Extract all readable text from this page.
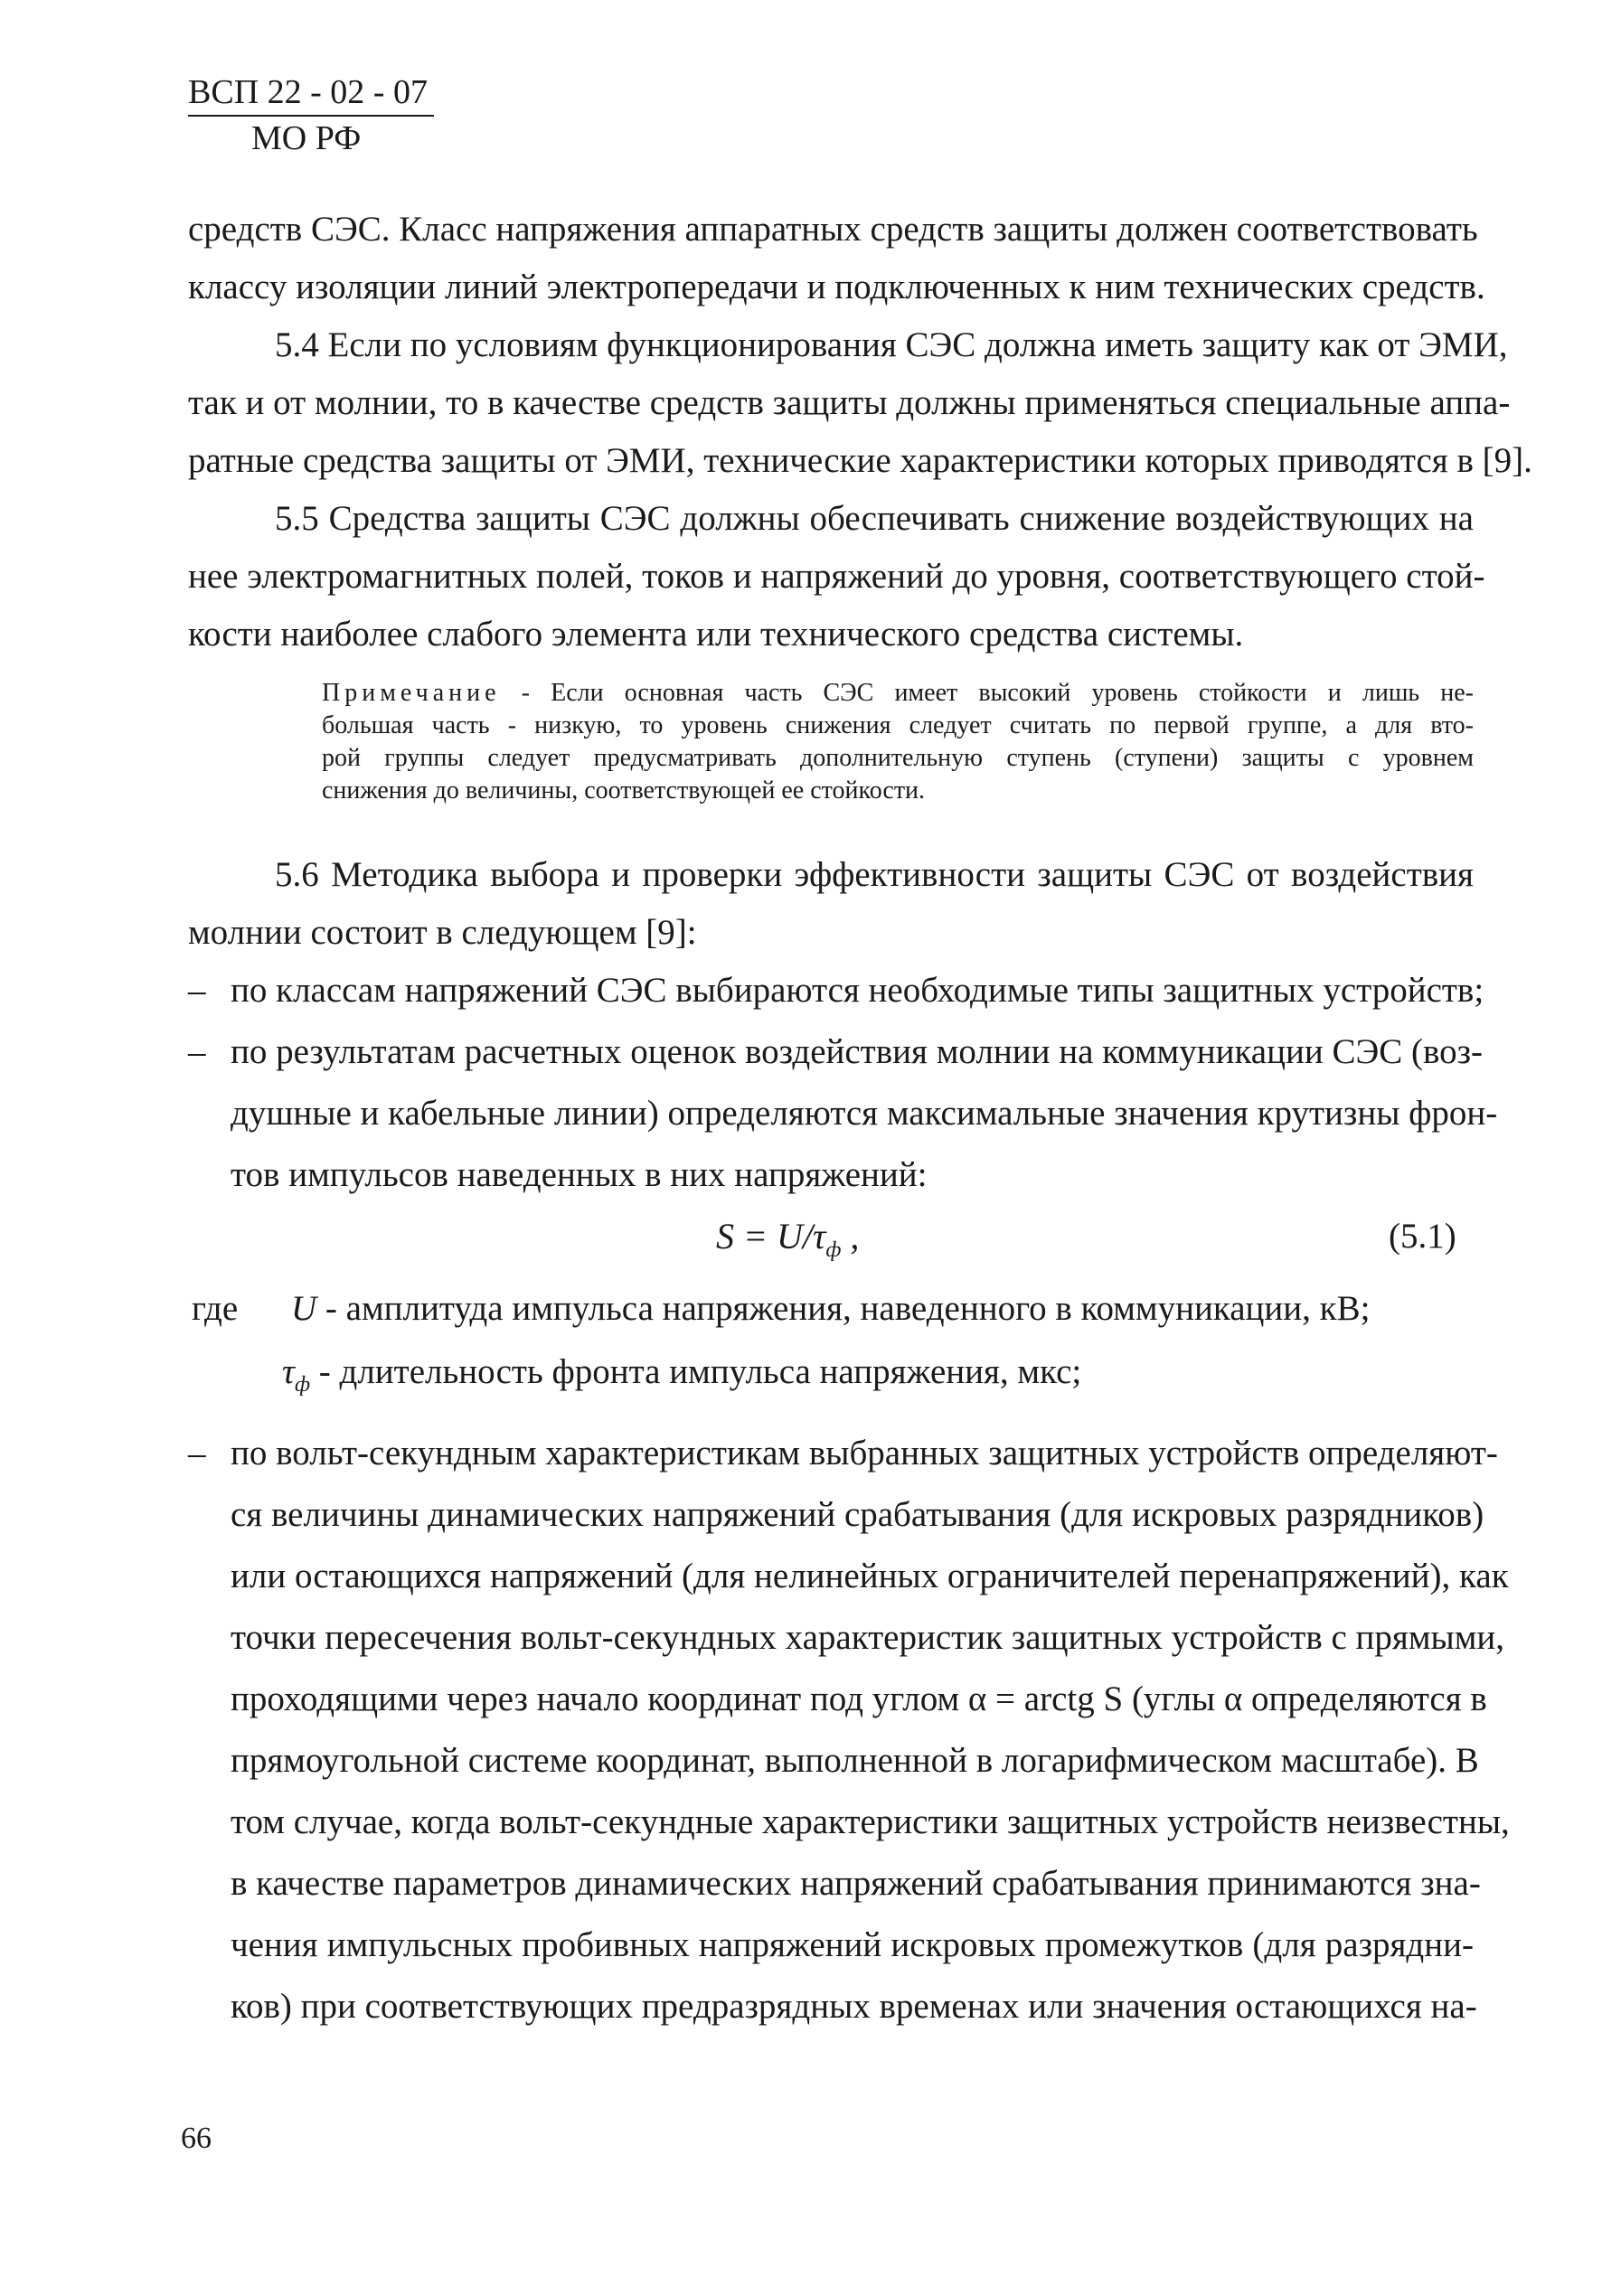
ВСП 22 - 02 - 07
МО РФ
средств СЭС. Класс напряжения аппаратных средств защиты должен соответствовать
классу изоляции линий электропередачи и подключенных к ним технических средств.
5.4 Если по условиям функционирования СЭС должна иметь защиту как от ЭМИ,
так и от молнии, то в качестве средств защиты должны применяться специальные аппа-
ратные средства защиты от ЭМИ, технические характеристики которых приводятся в [9].
5.5 Средства защиты СЭС должны обеспечивать снижение воздействующих на
нее электромагнитных полей, токов и напряжений до уровня, соответствующего стой-
кости наиболее слабого элемента или технического средства системы.
Примечание - Если основная часть СЭС имеет высокий уровень стойкости и лишь не-
большая часть - низкую, то уровень снижения следует считать по первой группе, а для вто-
рой группы следует предусматривать дополнительную ступень (ступени) защиты с уровнем
снижения до величины, соответствующей ее стойкости.
5.6 Методика выбора и проверки эффективности защиты СЭС от воздействия
молнии состоит в следующем [9]:
– по классам напряжений СЭС выбираются необходимые типы защитных устройств;
– по результатам расчетных оценок воздействия молнии на коммуникации СЭС (воз-
душные и кабельные линии) определяются максимальные значения крутизны фрон-
тов импульсов наведенных в них напряжений:
$S = U/\tau_ф$ ,	(5.1)
где U - амплитуда импульса напряжения, наведенного в коммуникации, кВ;
$\tau_ф$ - длительность фронта импульса напряжения, мкс;
– по вольт-секундным характеристикам выбранных защитных устройств определяют-
ся величины динамических напряжений срабатывания (для искровых разрядников)
или остающихся напряжений (для нелинейных ограничителей перенапряжений), как
точки пересечения вольт-секундных характеристик защитных устройств с прямыми,
проходящими через начало координат под углом α = arctg S (углы α определяются в
прямоугольной системе координат, выполненной в логарифмическом масштабе). В
том случае, когда вольт-секундные характеристики защитных устройств неизвестны,
в качестве параметров динамических напряжений срабатывания принимаются зна-
чения импульсных пробивных напряжений искровых промежутков (для разрядни-
ков) при соответствующих предразрядных временах или значения остающихся на-
66
